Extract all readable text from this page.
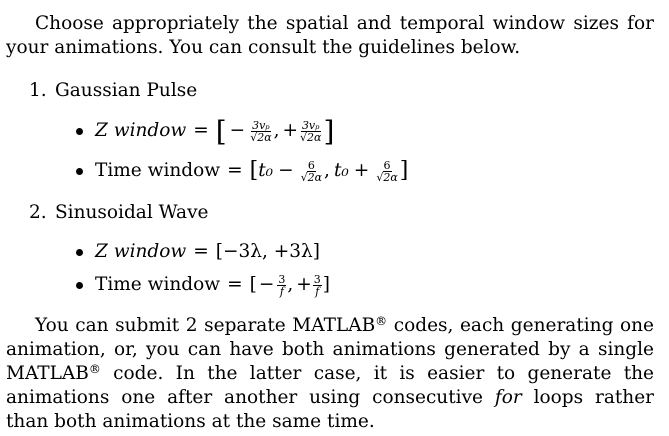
Choose appropriately the spatial and temporal window sizes for your animations. You can consult the guidelines below.
1. Gaussian Pulse
Z window = [ − $\frac{\text{3vₚ}}{√2\alpha}$ , + $\frac{\text{3vₚ}}{√2\alpha}$ ]
Time window = [ $t_0 - \frac{6}{√2\alpha}$ , $t_0 + \frac{6}{√2\alpha}$ ]
2. Sinusoidal Wave
Z window = [−3λ, +3λ]
Time window = [ − $\frac{3}{f}$ , + $\frac{3}{f}$ ]
You can submit 2 separate MATLAB® codes, each generating one animation, or, you can have both animations generated by a single MATLAB® code. In the latter case, it is easier to generate the animations one after another using consecutive for loops rather than both animations at the same time.
